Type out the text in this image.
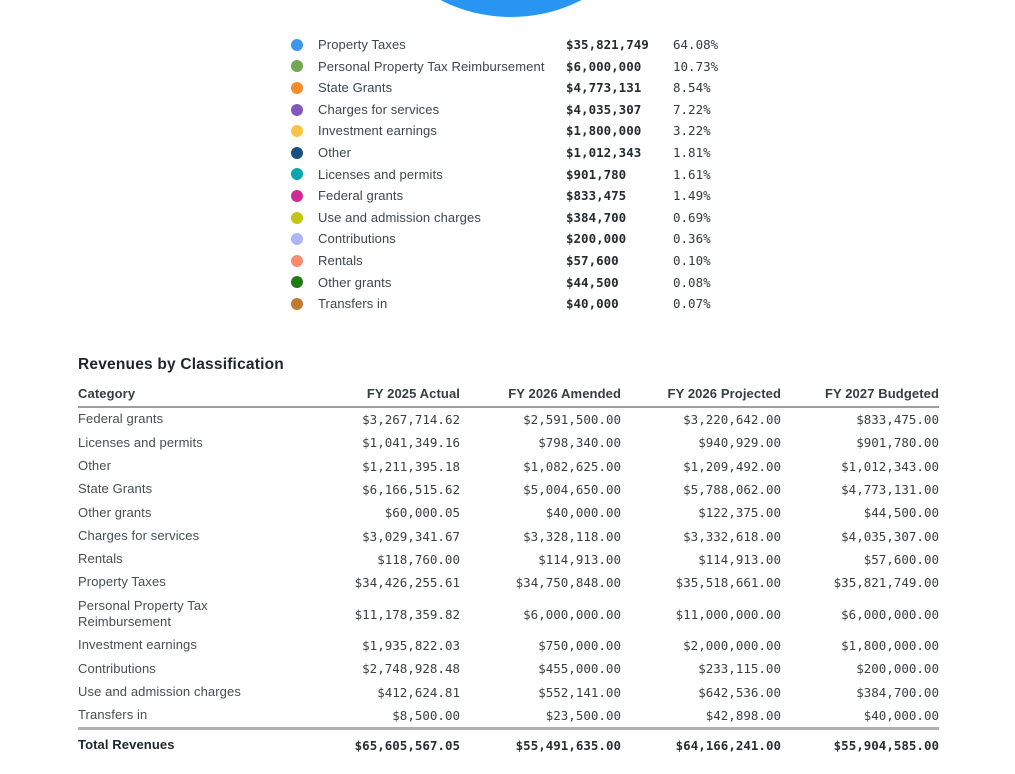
Property Taxes	$35,821,749	64.08%
Personal Property Tax Reimbursement	$6,000,000	10.73%
State Grants	$4,773,131	8.54%
Charges for services	$4,035,307	7.22%
Investment earnings	$1,800,000	3.22%
Other	$1,012,343	1.81%
Licenses and permits	$901,780	1.61%
Federal grants	$833,475	1.49%
Use and admission charges	$384,700	0.69%
Contributions	$200,000	0.36%
Rentals	$57,600	0.10%
Other grants	$44,500	0.08%
Transfers in	$40,000	0.07%
Revenues by Classification
Category	FY 2025 Actual	FY 2026 Amended	FY 2026 Projected	FY 2027 Budgeted
Federal grants	$3,267,714.62	$2,591,500.00	$3,220,642.00	$833,475.00
Licenses and permits	$1,041,349.16	$798,340.00	$940,929.00	$901,780.00
Other	$1,211,395.18	$1,082,625.00	$1,209,492.00	$1,012,343.00
State Grants	$6,166,515.62	$5,004,650.00	$5,788,062.00	$4,773,131.00
Other grants	$60,000.05	$40,000.00	$122,375.00	$44,500.00
Charges for services	$3,029,341.67	$3,328,118.00	$3,332,618.00	$4,035,307.00
Rentals	$118,760.00	$114,913.00	$114,913.00	$57,600.00
Property Taxes	$34,426,255.61	$34,750,848.00	$35,518,661.00	$35,821,749.00
Personal Property Tax Reimbursement	$11,178,359.82	$6,000,000.00	$11,000,000.00	$6,000,000.00
Investment earnings	$1,935,822.03	$750,000.00	$2,000,000.00	$1,800,000.00
Contributions	$2,748,928.48	$455,000.00	$233,115.00	$200,000.00
Use and admission charges	$412,624.81	$552,141.00	$642,536.00	$384,700.00
Transfers in	$8,500.00	$23,500.00	$42,898.00	$40,000.00
Total Revenues	$65,605,567.05	$55,491,635.00	$64,166,241.00	$55,904,585.00
